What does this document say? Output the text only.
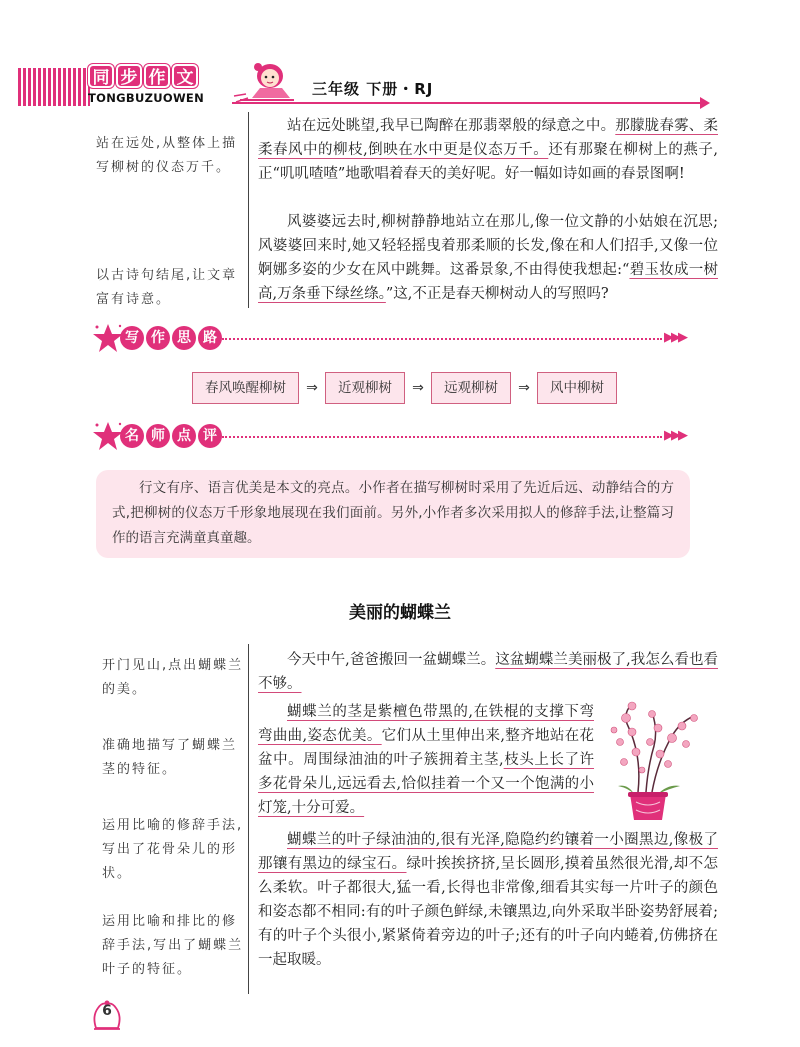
同 步 作 文
TONGBUZUOWEN	三年级 下册・RJ
站在远处,从整体上描写柳树的仪态万千。
以古诗句结尾,让文章富有诗意。
站在远处眺望,我早已陶醉在那翡翠般的绿意之中。那朦胧春雾、柔柔春风中的柳枝,倒映在水中更是仪态万千。还有那聚在柳树上的燕子,正“叽叽喳喳”地歌唱着春天的美好呢。好一幅如诗如画的春景图啊!
风婆婆远去时,柳树静静地站立在那儿,像一位文静的小姑娘在沉思;风婆婆回来时,她又轻轻摇曳着那柔顺的长发,像在和人们招手,又像一位婀娜多姿的少女在风中跳舞。这番景象,不由得使我想起:“碧玉妆成一树高,万条垂下绿丝绦。”这,不正是春天柳树动人的写照吗?
写 作 思 路	▶▶▶
春风唤醒柳树	⇒	近观柳树	⇒	远观柳树	⇒	风中柳树
名 师 点 评	▶▶▶
行文有序、语言优美是本文的亮点。小作者在描写柳树时采用了先近后远、动静结合的方式,把柳树的仪态万千形象地展现在我们面前。另外,小作者多次采用拟人的修辞手法,让整篇习作的语言充满童真童趣。
美丽的蝴蝶兰
开门见山,点出蝴蝶兰的美。
准确地描写了蝴蝶兰茎的特征。
运用比喻的修辞手法,写出了花骨朵儿的形状。
运用比喻和排比的修辞手法,写出了蝴蝶兰叶子的特征。
今天中午,爸爸搬回一盆蝴蝶兰。这盆蝴蝶兰美丽极了,我怎么看也看不够。
蝴蝶兰的茎是紫檀色带黑的,在铁棍的支撑下弯弯曲曲,姿态优美。它们从土里伸出来,整齐地站在花盆中。周围绿油油的叶子簇拥着主茎,枝头上长了许多花骨朵儿,远远看去,恰似挂着一个又一个饱满的小灯笼,十分可爱。
蝴蝶兰的叶子绿油油的,很有光泽,隐隐约约镶着一小圈黑边,像极了那镶有黑边的绿宝石。绿叶挨挨挤挤,呈长圆形,摸着虽然很光滑,却不怎么柔软。叶子都很大,猛一看,长得也非常像,细看其实每一片叶子的颜色和姿态都不相同:有的叶子颜色鲜绿,未镶黑边,向外采取半卧姿势舒展着;有的叶子个头很小,紧紧倚着旁边的叶子;还有的叶子向内蜷着,仿佛挤在一起取暖。
6
